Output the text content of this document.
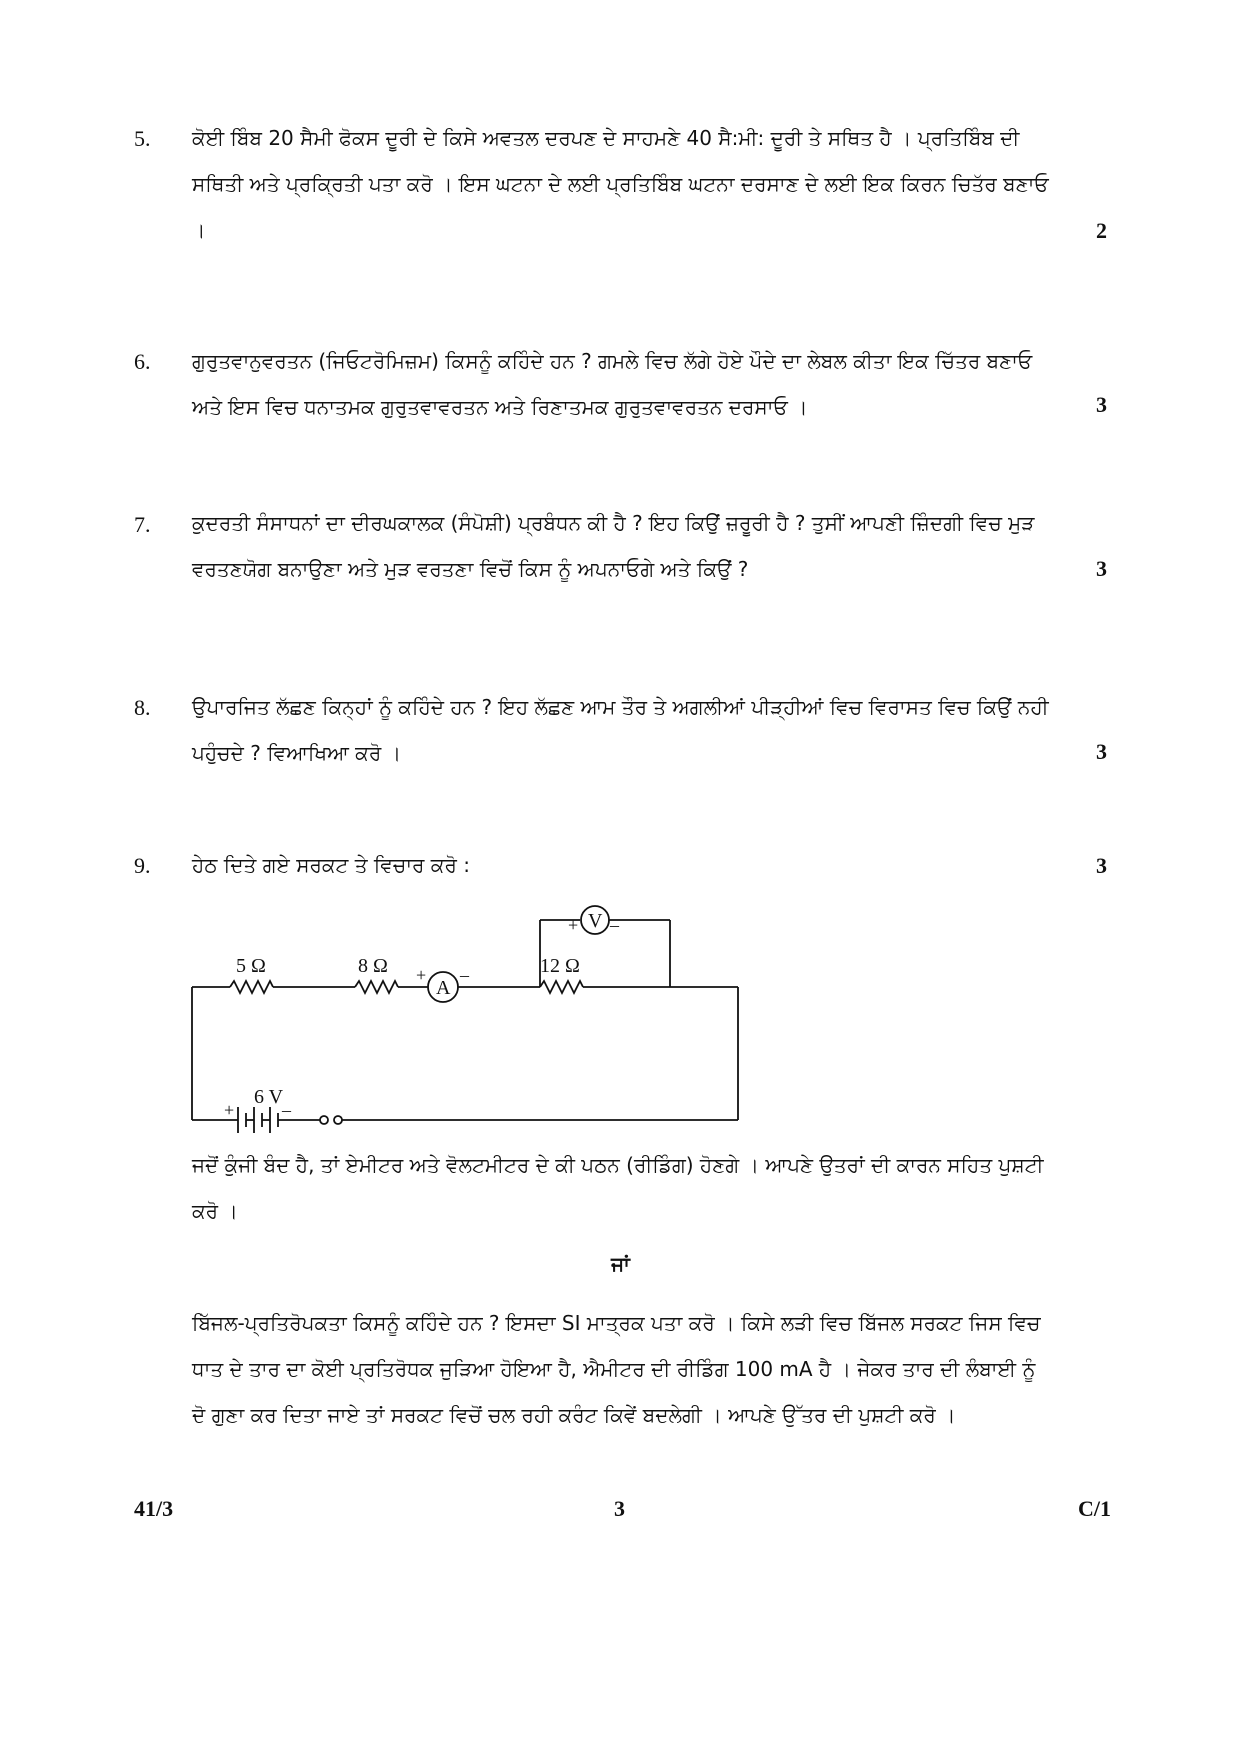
5. ਕੋਈ ਬਿੰਬ 20 ਸੈਮੀ ਫੋਕਸ ਦੂਰੀ ਦੇ ਕਿਸੇ ਅਵਤਲ ਦਰਪਣ ਦੇ ਸਾਹਮਣੇ 40 ਸੈ:ਮੀ: ਦੂਰੀ ਤੇ ਸਥਿਤ ਹੈ । ਪ੍ਰਤਿਬਿੰਬ ਦੀ ਸਥਿਤੀ ਅਤੇ ਪ੍ਰਕ੍ਰਿਤੀ ਪਤਾ ਕਰੋ । ਇਸ ਘਟਨਾ ਦੇ ਲਈ ਪ੍ਰਤਿਬਿੰਬ ਘਟਨਾ ਦਰਸਾਣ ਦੇ ਲਈ ਇਕ ਕਿਰਨ ਚਿਤੱਰ ਬਣਾਓ ।	2
6. ਗੁਰੁਤਵਾਨੁਵਰਤਨ (ਜਿਓਟਰੋਮਿਜ਼ਮ) ਕਿਸਨੂੰ ਕਹਿੰਦੇ ਹਨ ? ਗਮਲੇ ਵਿਚ ਲੱਗੇ ਹੋਏ ਪੌਦੇ ਦਾ ਲੇਬਲ ਕੀਤਾ ਇਕ ਚਿੱਤਰ ਬਣਾਓ ਅਤੇ ਇਸ ਵਿਚ ਧਨਾਤਮਕ ਗੁਰੁਤਵਾਵਰਤਨ ਅਤੇ ਰਿਣਾਤਮਕ ਗੁਰੁਤਵਾਵਰਤਨ ਦਰਸਾਓ ।	3
7. ਕੁਦਰਤੀ ਸੰਸਾਧਨਾਂ ਦਾ ਦੀਰਘਕਾਲਕ (ਸੰਪੋਸ਼ੀ) ਪ੍ਰਬੰਧਨ ਕੀ ਹੈ ? ਇਹ ਕਿਉਂ ਜ਼ਰੂਰੀ ਹੈ ? ਤੁਸੀਂ ਆਪਣੀ ਜ਼ਿੰਦਗੀ ਵਿਚ ਮੁੜ ਵਰਤਣਯੋਗ ਬਨਾਉਣਾ ਅਤੇ ਮੁੜ ਵਰਤਣਾ ਵਿਚੋਂ ਕਿਸ ਨੂੰ ਅਪਨਾਓਗੇ ਅਤੇ ਕਿਉਂ ?	3
8. ਉਪਾਰਜਿਤ ਲੱਛਣ ਕਿਨ੍ਹਾਂ ਨੂੰ ਕਹਿੰਦੇ ਹਨ ? ਇਹ ਲੱਛਣ ਆਮ ਤੌਰ ਤੇ ਅਗਲੀਆਂ ਪੀੜ੍ਹੀਆਂ ਵਿਚ ਵਿਰਾਸਤ ਵਿਚ ਕਿਉਂ ਨਹੀ ਪਹੁੰਚਦੇ ? ਵਿਆਖਿਆ ਕਰੋ ।	3
9. ਹੇਠ ਦਿਤੇ ਗਏ ਸਰਕਟ ਤੇ ਵਿਚਾਰ ਕਰੋ :	3
5 Ω	8 Ω	12 Ω
A
+ –
V
+ –
6 V
+	–
ਜਦੋਂ ਕੁੰਜੀ ਬੰਦ ਹੈ, ਤਾਂ ਏਮੀਟਰ ਅਤੇ ਵੋਲਟਮੀਟਰ ਦੇ ਕੀ ਪਠਨ (ਰੀਡਿੰਗ) ਹੋਣਗੇ । ਆਪਣੇ ਉਤਰਾਂ ਦੀ ਕਾਰਨ ਸਹਿਤ ਪੁਸ਼ਟੀ ਕਰੋ ।
ਜਾਂ
ਬਿੱਜਲ-ਪ੍ਰਤਿਰੋਪਕਤਾ ਕਿਸਨੂੰ ਕਹਿੰਦੇ ਹਨ ? ਇਸਦਾ SI ਮਾਤ੍ਰਕ ਪਤਾ ਕਰੋ । ਕਿਸੇ ਲੜੀ ਵਿਚ ਬਿੱਜਲ ਸਰਕਟ ਜਿਸ ਵਿਚ ਧਾਤ ਦੇ ਤਾਰ ਦਾ ਕੋਈ ਪ੍ਰਤਿਰੋਧਕ ਜੁੜਿਆ ਹੋਇਆ ਹੈ, ਐਮੀਟਰ ਦੀ ਰੀਡਿੰਗ 100 mA ਹੈ । ਜੇਕਰ ਤਾਰ ਦੀ ਲੰਬਾਈ ਨੂੰ ਦੋ ਗੁਣਾ ਕਰ ਦਿਤਾ ਜਾਏ ਤਾਂ ਸਰਕਟ ਵਿਚੋਂ ਚਲ ਰਹੀ ਕਰੰਟ ਕਿਵੇਂ ਬਦਲੇਗੀ । ਆਪਣੇ ਉੱਤਰ ਦੀ ਪੁਸ਼ਟੀ ਕਰੋ ।
41/3	3	C/1
